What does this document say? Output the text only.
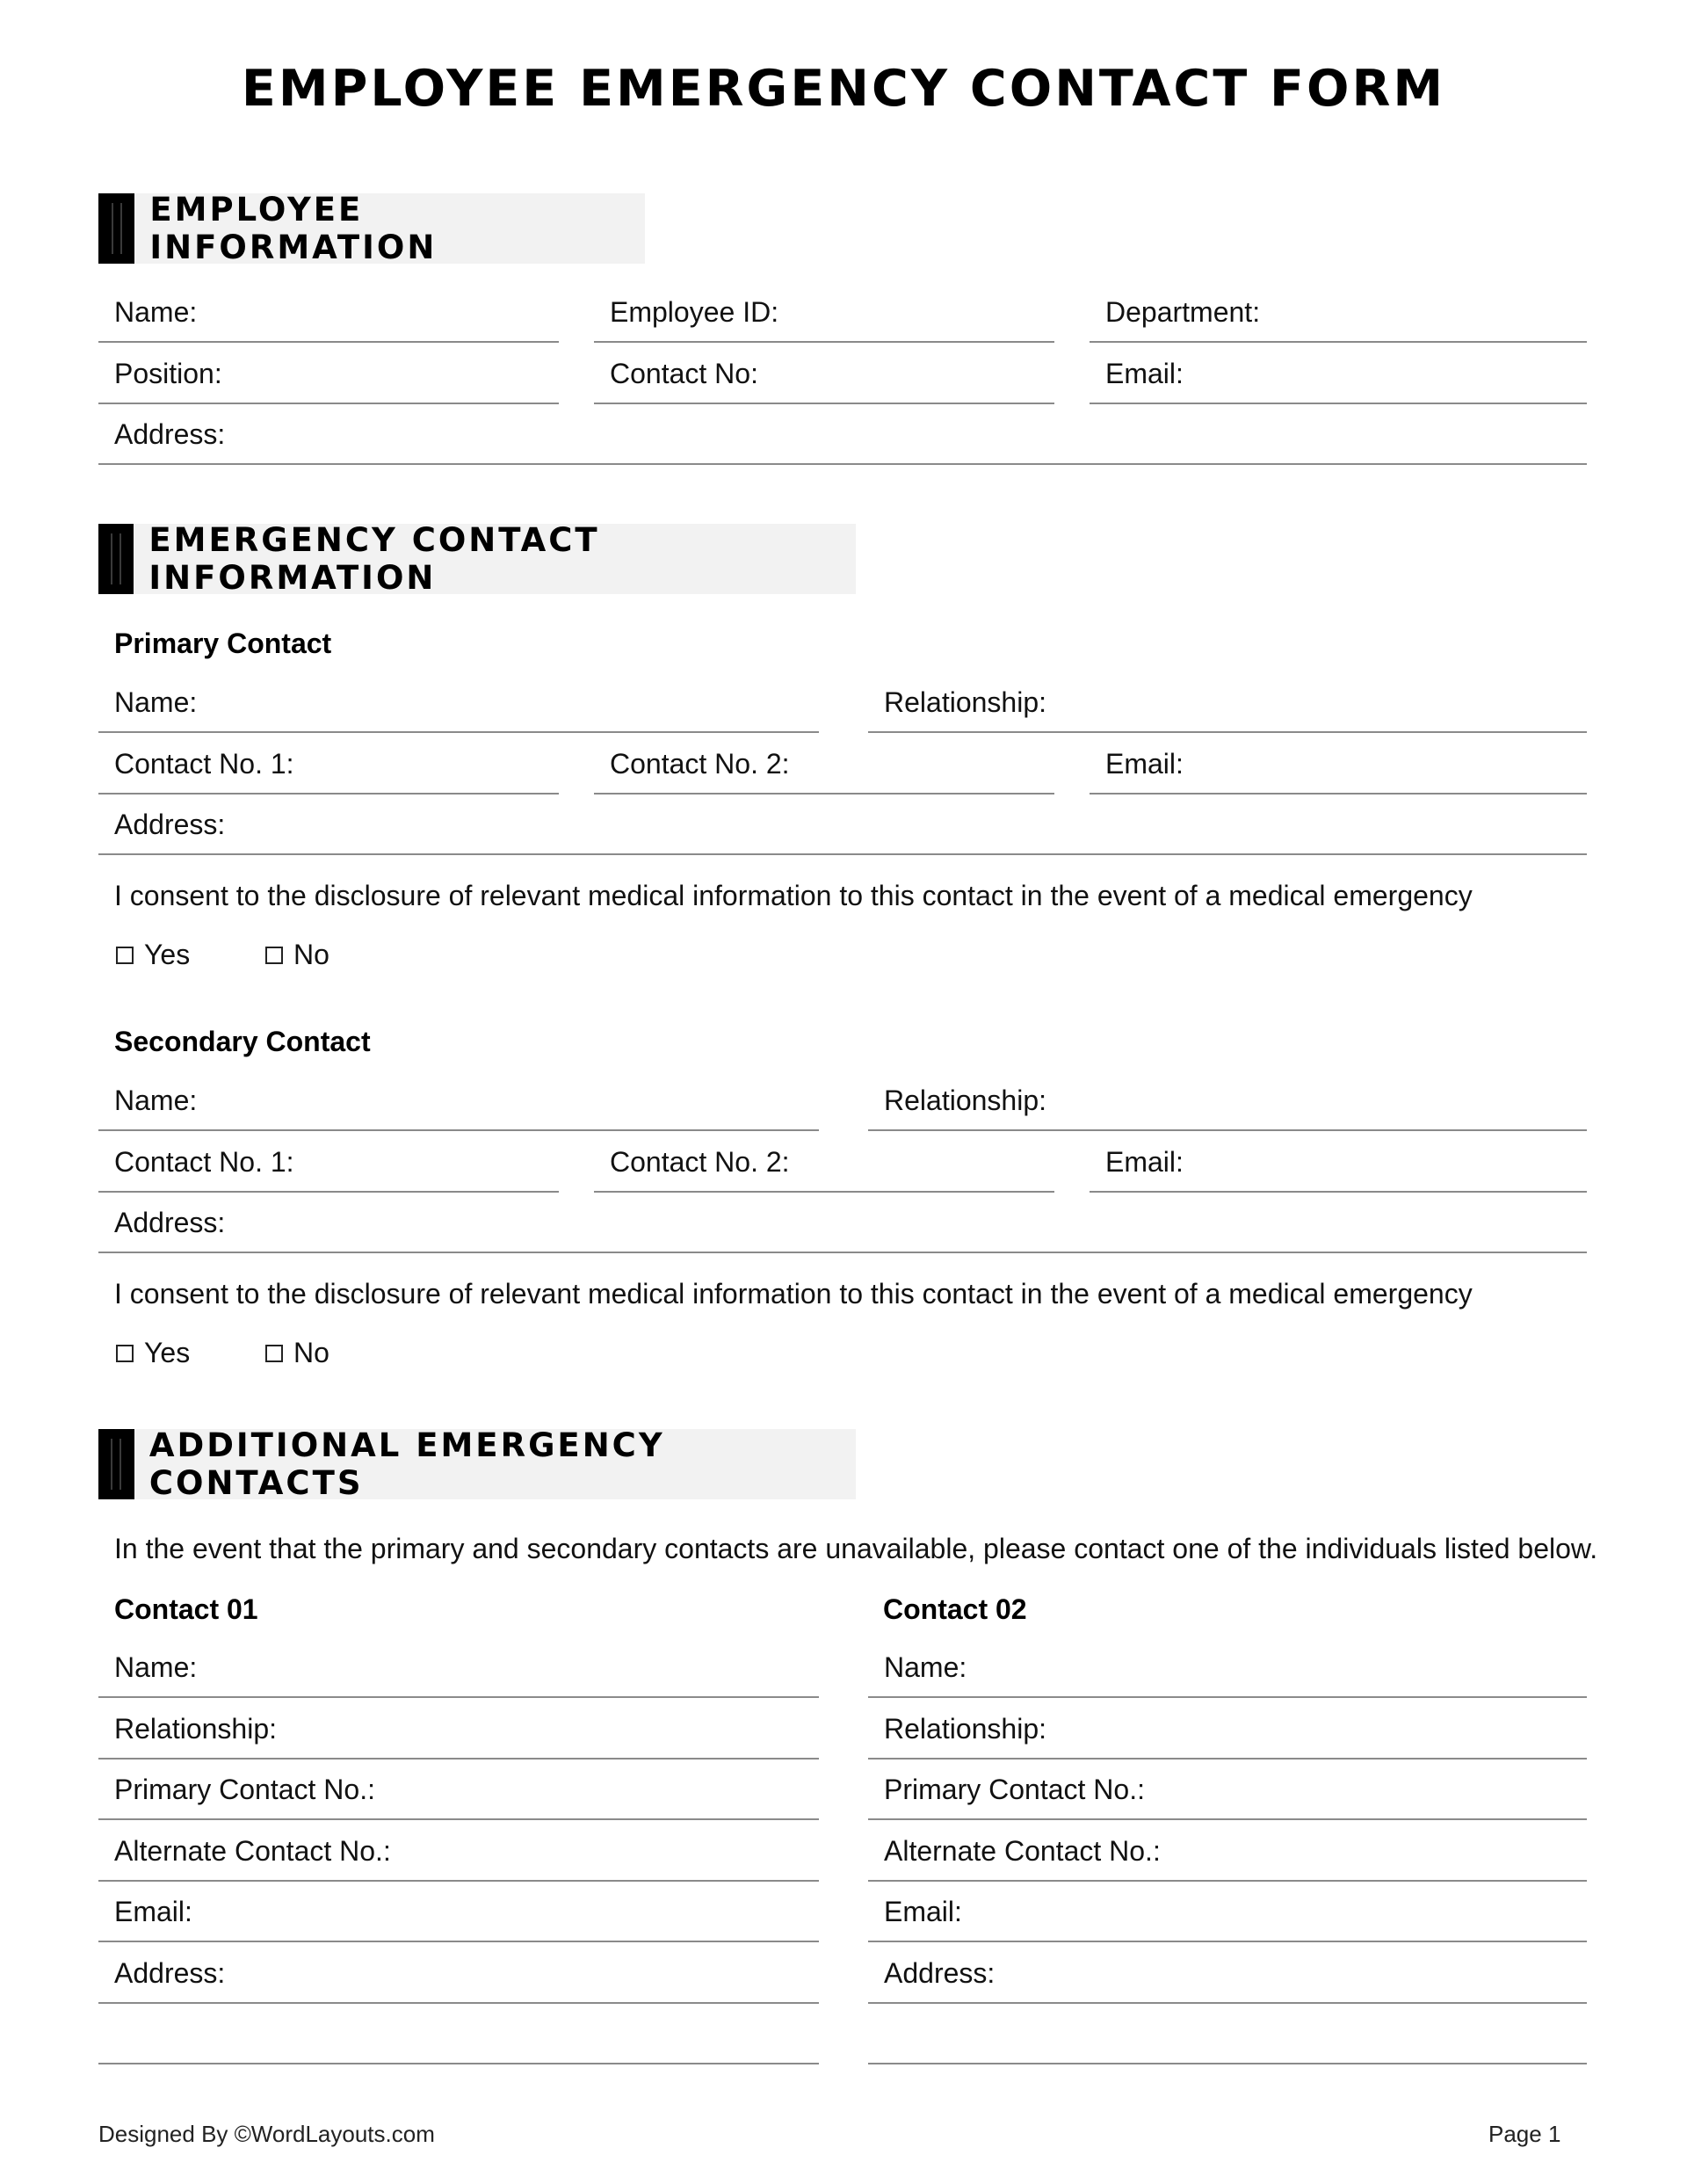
EMPLOYEE EMERGENCY CONTACT FORM
EMPLOYEE INFORMATION
Name:	Employee ID:	Department:
Position:	Contact No:	Email:
Address:
EMERGENCY CONTACT INFORMATION
Primary Contact
Name:	Relationship:
Contact No. 1:	Contact No. 2:	Email:
Address:
I consent to the disclosure of relevant medical information to this contact in the event of a medical emergency
Yes	No
Secondary Contact
Name:	Relationship:
Contact No. 1:	Contact No. 2:	Email:
Address:
I consent to the disclosure of relevant medical information to this contact in the event of a medical emergency
Yes	No
ADDITIONAL EMERGENCY CONTACTS
In the event that the primary and secondary contacts are unavailable, please contact one of the individuals listed below.
Contact 01
Name:
Relationship:
Primary Contact No.:
Alternate Contact No.:
Email:
Address:
Contact 02
Name:
Relationship:
Primary Contact No.:
Alternate Contact No.:
Email:
Address:
Designed By ©WordLayouts.com	Page 1
